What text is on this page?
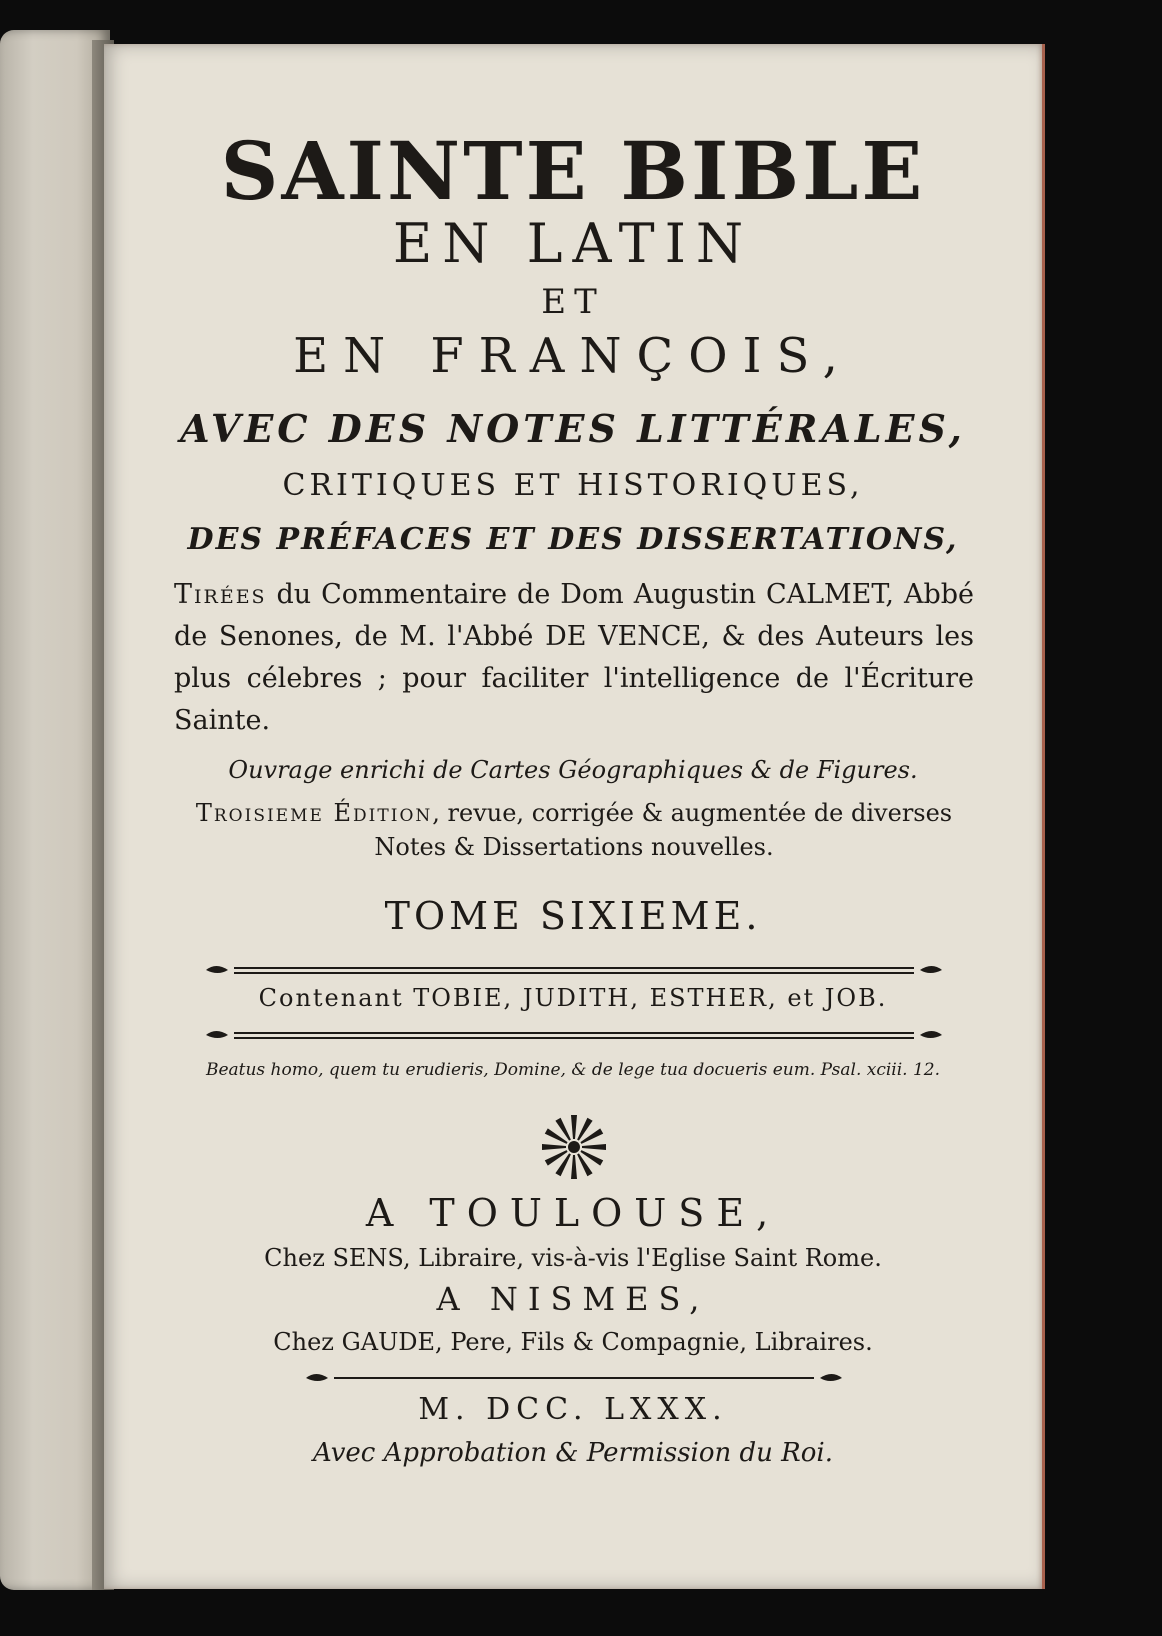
SAINTE BIBLE

EN LATIN

ET

EN FRANÇOIS,

AVEC DES NOTES LITTÉRALES,

CRITIQUES ET HISTORIQUES,

DES PRÉFACES ET DES DISSERTATIONS,

Tirées du Commentaire de Dom Augustin CALMET, Abbé de Senones, de M. l'Abbé DE VENCE, & des Auteurs les plus célebres ; pour faciliter l'intelligence de l'Écriture Sainte.

Ouvrage enrichi de Cartes Géographiques & de Figures.

Troisieme Édition, revue, corrigée & augmentée de diverses Notes & Dissertations nouvelles.

TOME SIXIEME.

Contenant TOBIE, JUDITH, ESTHER, et JOB.

Beatus homo, quem tu erudieris, Domine, & de lege tua docueris eum. Psal. xciii. 12.

A TOULOUSE,

Chez SENS, Libraire, vis-à-vis l'Eglise Saint Rome.

A NISMES,

Chez GAUDE, Pere, Fils & Compagnie, Libraires.

M. DCC. LXXX.

Avec Approbation & Permission du Roi.
